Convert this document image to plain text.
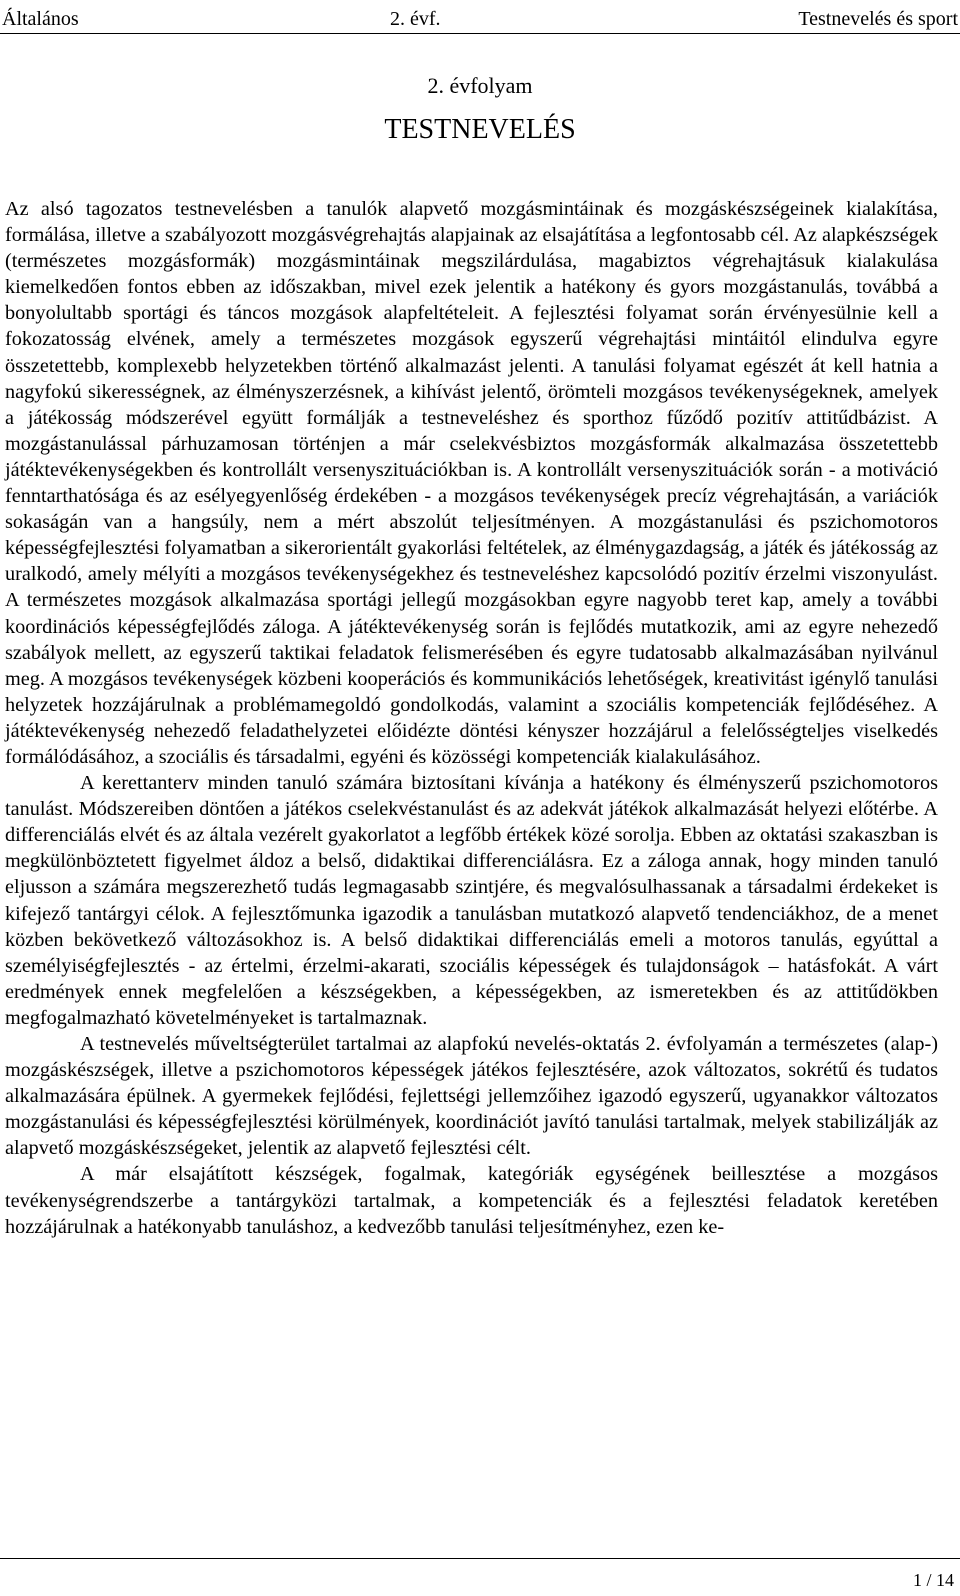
Általános	2. évf.	Testnevelés és sport
2. évfolyam
TESTNEVELÉS

Az alsó tagozatos testnevelésben a tanulók alapvető mozgásmintáinak és mozgáskészségeinek kialakítása, formálása, illetve a szabályozott mozgásvégrehajtás alapjainak az elsajátítása a legfontosabb cél. Az alapkészségek (természetes mozgásformák) mozgásmintáinak megszilárdulása, magabiztos végrehajtásuk kialakulása kiemelkedően fontos ebben az időszakban, mivel ezek jelentik a hatékony és gyors mozgástanulás, továbbá a bonyolultabb sportági és táncos mozgások alapfeltételeit. A fejlesztési folyamat során érvényesülnie kell a fokozatosság elvének, amely a természetes mozgások egyszerű végrehajtási mintáitól elindulva egyre összetettebb, komplexebb helyzetekben történő alkalmazást jelenti. A tanulási folyamat egészét át kell hatnia a nagyfokú sikerességnek, az élményszerzésnek, a kihívást jelentő, örömteli mozgásos tevékenységeknek, amelyek a játékosság módszerével együtt formálják a testneveléshez és sporthoz fűződő pozitív attitűdbázist. A mozgástanulással párhuzamosan történjen a már cselekvésbiztos mozgásformák alkalmazása összetettebb játéktevékenységekben és kontrollált versenyszituációkban is. A kontrollált versenyszituációk során - a motiváció fenntarthatósága és az esélyegyenlőség érdekében - a mozgásos tevékenységek precíz végrehajtásán, a variációk sokaságán van a hangsúly, nem a mért abszolút teljesítményen. A mozgástanulási és pszichomotoros képességfejlesztési folyamatban a sikerorientált gyakorlási feltételek, az élménygazdagság, a játék és játékosság az uralkodó, amely mélyíti a mozgásos tevékenységekhez és testneveléshez kapcsolódó pozitív érzelmi viszonyulást. A természetes mozgások alkalmazása sportági jellegű mozgásokban egyre nagyobb teret kap, amely a további koordinációs képességfejlődés záloga. A játéktevékenység során is fejlődés mutatkozik, ami az egyre nehezedő szabályok mellett, az egyszerű taktikai feladatok felismerésében és egyre tudatosabb alkalmazásában nyilvánul meg. A mozgásos tevékenységek közbeni kooperációs és kommunikációs lehetőségek, kreativitást igénylő tanulási helyzetek hozzájárulnak a problémamegoldó gondolkodás, valamint a szociális kompetenciák fejlődéséhez. A játéktevékenység nehezedő feladathelyzetei előidézte döntési kényszer hozzájárul a felelősségteljes viselkedés formálódásához, a szociális és társadalmi, egyéni és közösségi kompetenciák kialakulásához.

A kerettanterv minden tanuló számára biztosítani kívánja a hatékony és élményszerű pszichomotoros tanulást. Módszereiben döntően a játékos cselekvéstanulást és az adekvát játékok alkalmazását helyezi előtérbe. A differenciálás elvét és az általa vezérelt gyakorlatot a legfőbb értékek közé sorolja. Ebben az oktatási szakaszban is megkülönböztetett figyelmet áldoz a belső, didaktikai differenciálásra. Ez a záloga annak, hogy minden tanuló eljusson a számára megszerezhető tudás legmagasabb szintjére, és megvalósulhassanak a társadalmi érdekeket is kifejező tantárgyi célok. A fejlesztőmunka igazodik a tanulásban mutatkozó alapvető tendenciákhoz, de a menet közben bekövetkező változásokhoz is. A belső didaktikai differenciálás emeli a motoros tanulás, egyúttal a személyiségfejlesztés - az értelmi, érzelmi-akarati, szociális képességek és tulajdonságok – hatásfokát. A várt eredmények ennek megfelelően a készségekben, a képességekben, az ismeretekben és az attitűdökben megfogalmazható követelményeket is tartalmaznak.

A testnevelés műveltségterület tartalmai az alapfokú nevelés-oktatás 2. évfolyamán a természetes (alap-) mozgáskészségek, illetve a pszichomotoros képességek játékos fejlesztésére, azok változatos, sokrétű és tudatos alkalmazására épülnek. A gyermekek fejlődési, fejlettségi jellemzőihez igazodó egyszerű, ugyanakkor változatos mozgástanulási és képességfejlesztési körülmények, koordinációt javító tanulási tartalmak, melyek stabilizálják az alapvető mozgáskészségeket, jelentik az alapvető fejlesztési célt.

A már elsajátított készségek, fogalmak, kategóriák egységének beillesztése a mozgásos tevékenységrendszerbe a tantárgyközi tartalmak, a kompetenciák és a fejlesztési feladatok keretében hozzájárulnak a hatékonyabb tanuláshoz, a kedvezőbb tanulási teljesítményhez, ezen ke-

1 / 14
